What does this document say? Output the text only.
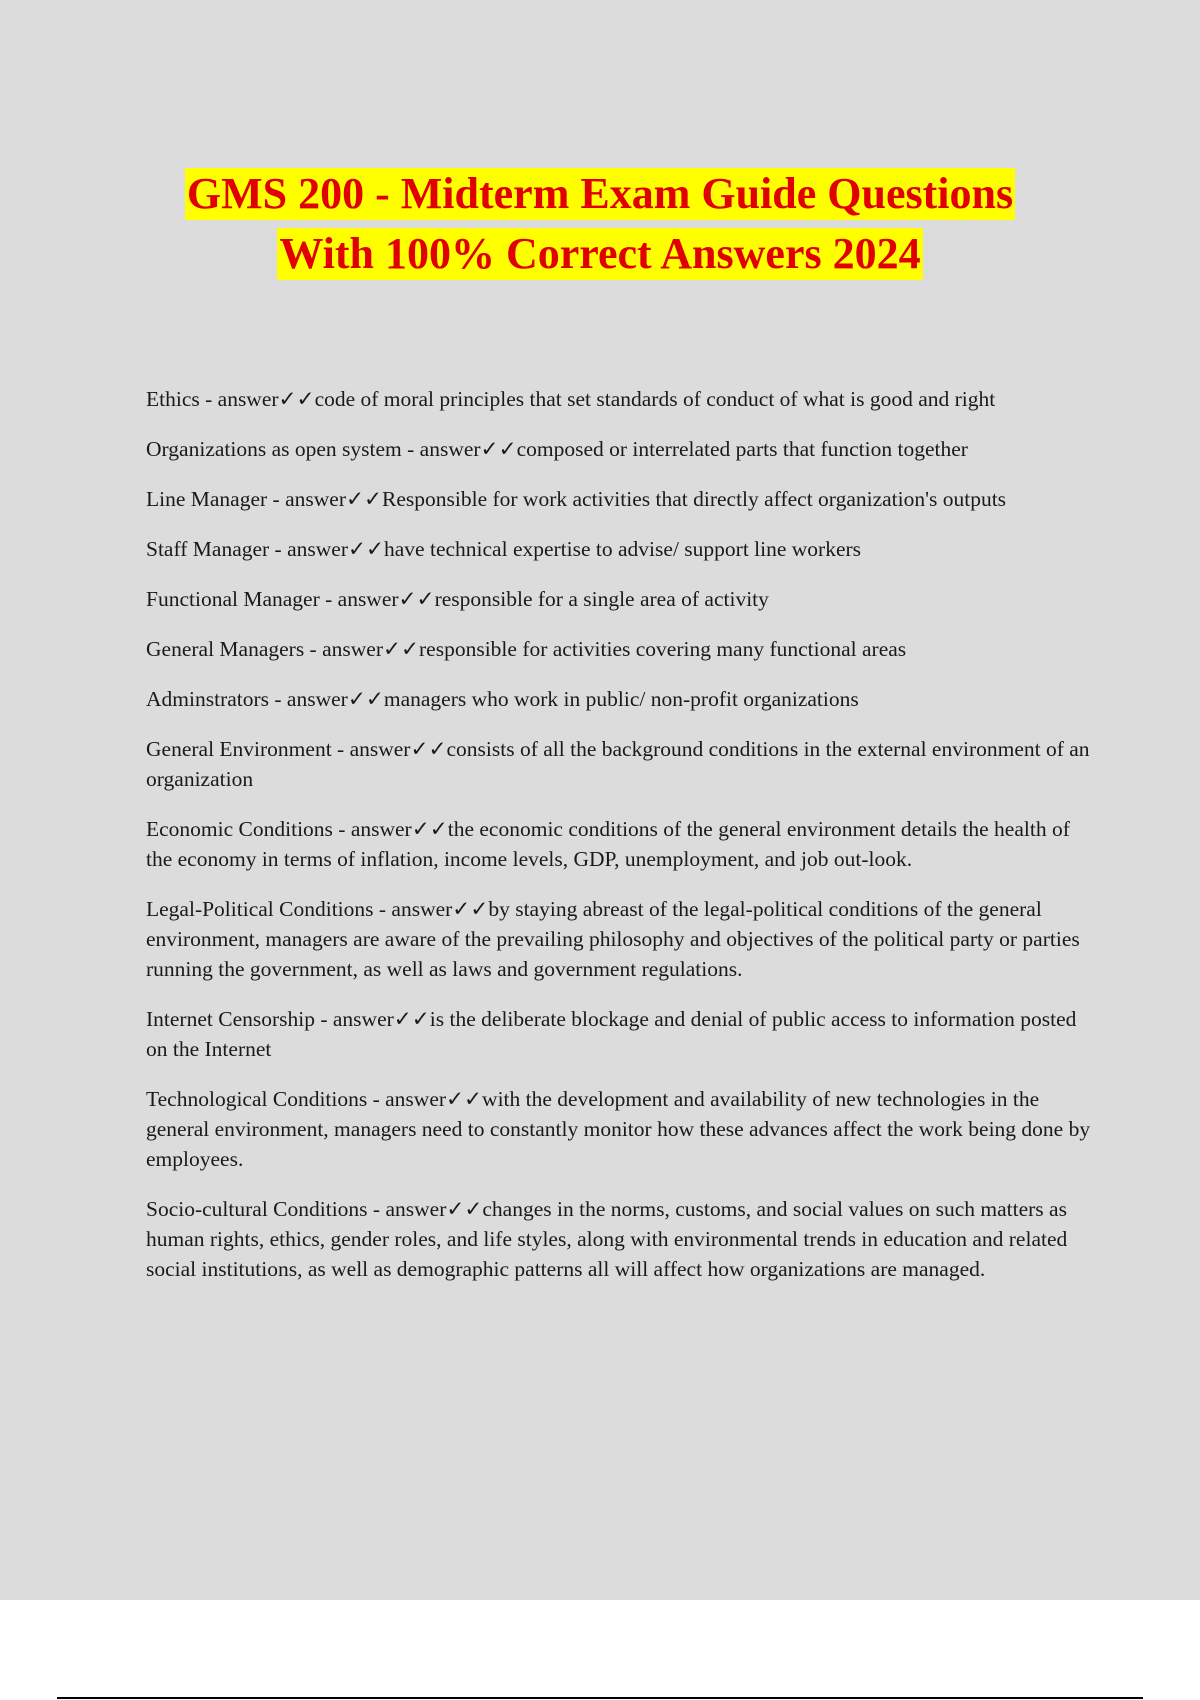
GMS 200 - Midterm Exam Guide Questions
With 100% Correct Answers 2024

Ethics - answer✓✓code of moral principles that set standards of conduct of what is good and right

Organizations as open system - answer✓✓composed or interrelated parts that function together

Line Manager - answer✓✓Responsible for work activities that directly affect organization's outputs

Staff Manager - answer✓✓have technical expertise to advise/ support line workers

Functional Manager - answer✓✓responsible for a single area of activity

General Managers - answer✓✓responsible for activities covering many functional areas

Adminstrators - answer✓✓managers who work in public/ non-profit organizations

General Environment - answer✓✓consists of all the background conditions in the external environment of an organization

Economic Conditions - answer✓✓the economic conditions of the general environment details the health of the economy in terms of inflation, income levels, GDP, unemployment, and job out-look.

Legal-Political Conditions - answer✓✓by staying abreast of the legal-political conditions of the general environment, managers are aware of the prevailing philosophy and objectives of the political party or parties running the government, as well as laws and government regulations.

Internet Censorship - answer✓✓is the deliberate blockage and denial of public access to information posted on the Internet

Technological Conditions - answer✓✓with the development and availability of new technologies in the general environment, managers need to constantly monitor how these advances affect the work being done by employees.

Socio-cultural Conditions - answer✓✓changes in the norms, customs, and social values on such matters as human rights, ethics, gender roles, and life styles, along with environmental trends in education and related social institutions, as well as demographic patterns all will affect how organizations are managed.
